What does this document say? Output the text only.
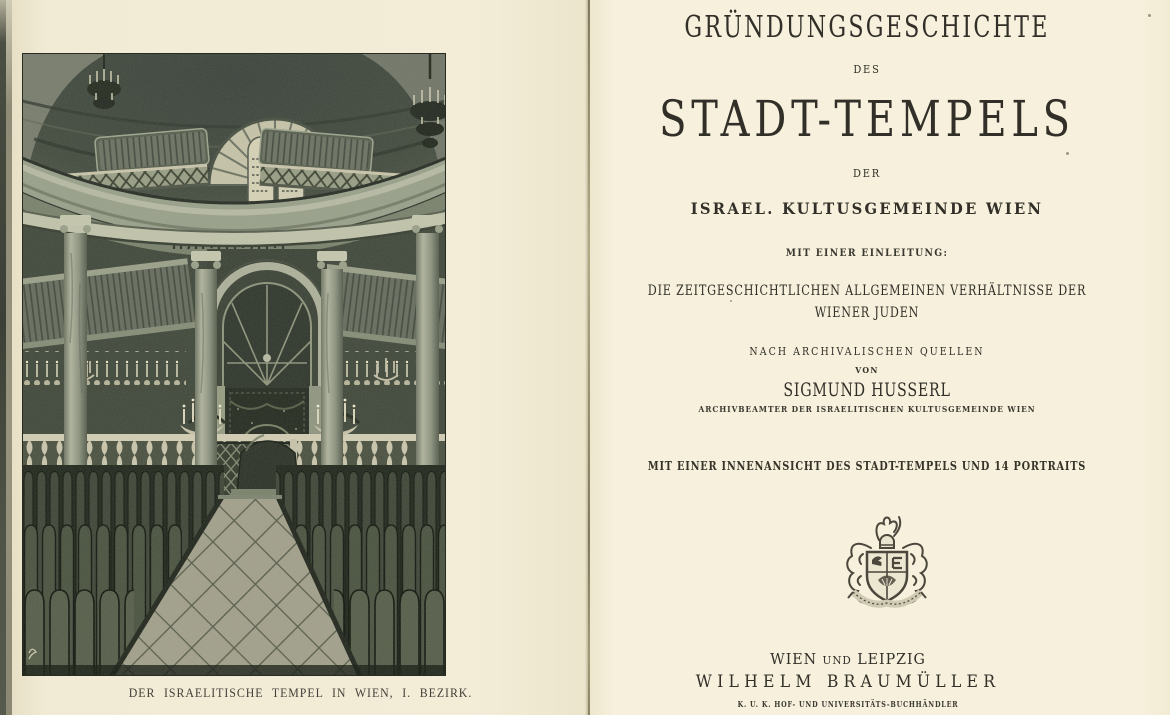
DER ISRAELITISCHE TEMPEL IN WIEN, I. BEZIRK.
GRÜNDUNGSGESCHICHTE
DES
STADT-TEMPELS
DER
ISRAEL. KULTUSGEMEINDE WIEN
MIT EINER EINLEITUNG:
DIE ZEITGESCHICHTLICHEN ALLGEMEINEN VERHÄLTNISSE DER
WIENER JUDEN
NACH ARCHIVALISCHEN QUELLEN
VON
SIGMUND HUSSERL
ARCHIVBEAMTER DER ISRAELITISCHEN KULTUSGEMEINDE WIEN
MIT EINER INNENANSICHT DES STADT-TEMPELS UND 14 PORTRAITS
WIEN UND LEIPZIG
WILHELM BRAUMÜLLER
K. U. K. HOF- UND UNIVERSITÄTS-BUCHHÄNDLER
